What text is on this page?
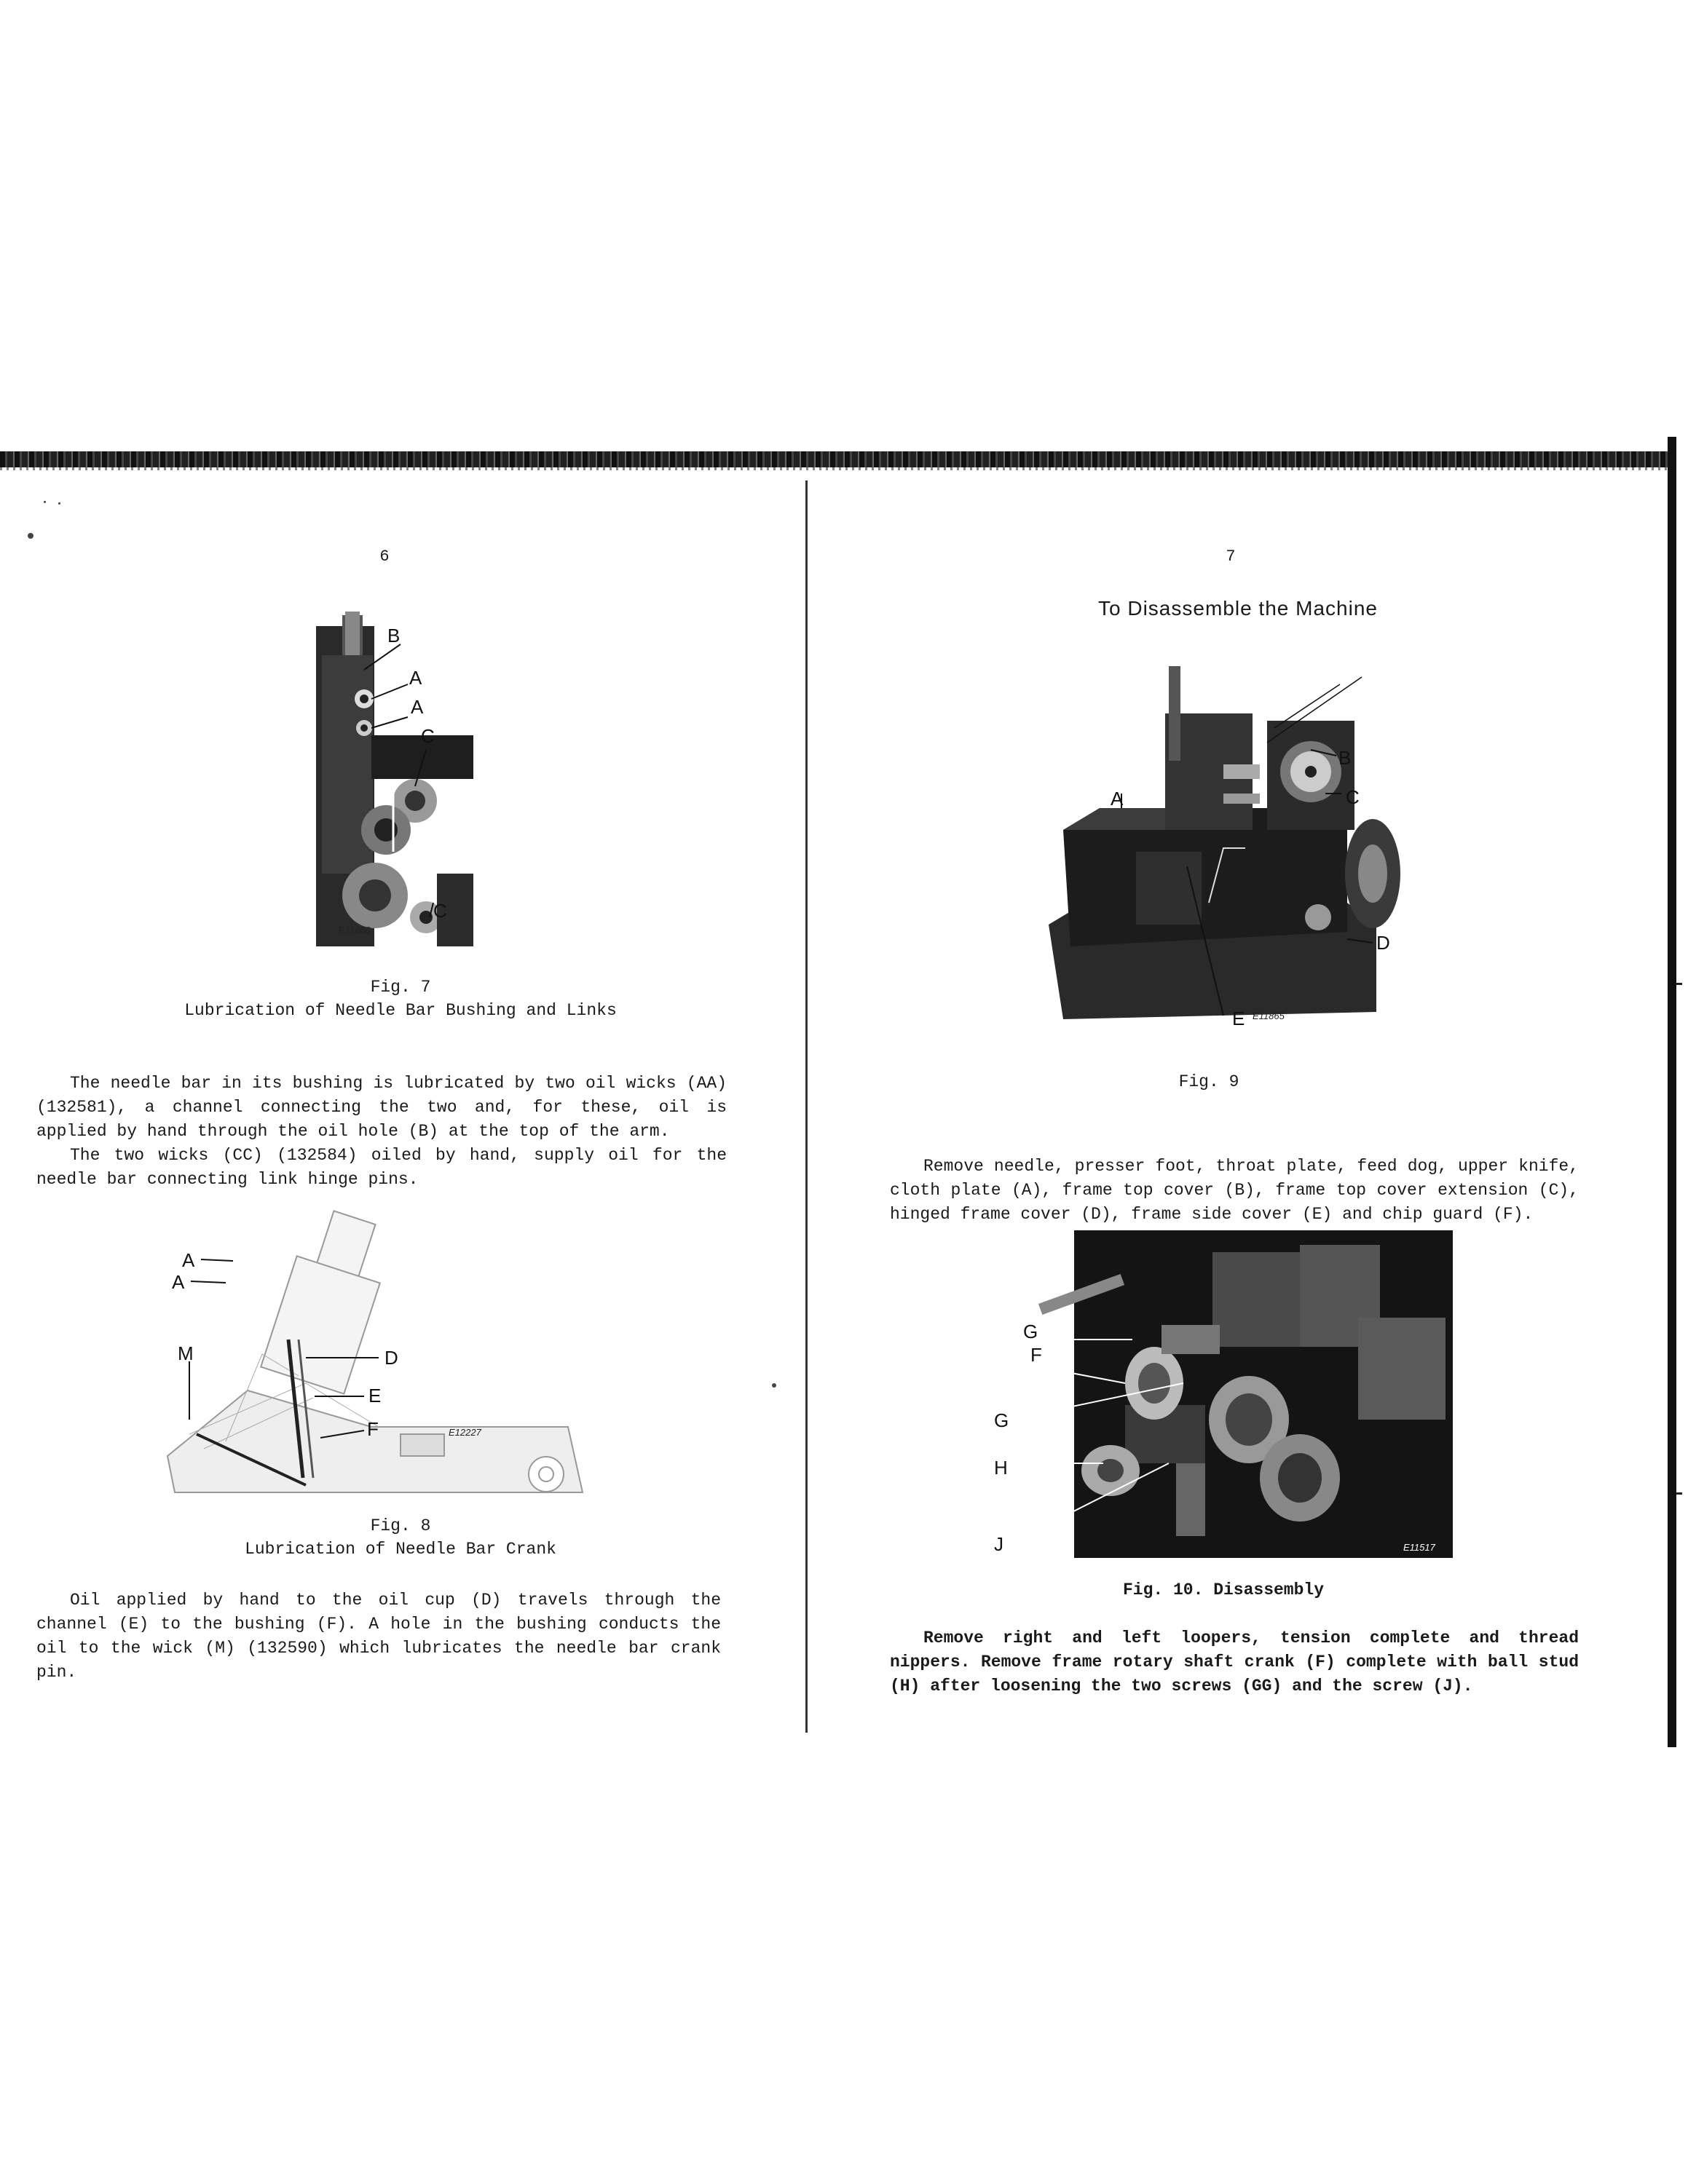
6
B
A
A
C
C
E11860
Fig. 7
Lubrication of Needle Bar Bushing and Links
The needle bar in its bushing is lubricated by two oil wicks (AA) (132581), a channel connecting the two and, for these, oil is applied by hand through the oil hole (B) at the top of the arm.
The two wicks (CC) (132584) oiled by hand, supply oil for the needle bar connecting link hinge pins.
A
A
M	D
E
F	E12227
Fig. 8
Lubrication of Needle Bar Crank
Oil applied by hand to the oil cup (D) travels through the channel (E) to the bushing (F). A hole in the bushing conducts the oil to the wick (M) (132590) which lubricates the needle bar crank pin.
7
To Disassemble the Machine
A
B
C
D
E E11865
Fig. 9
Remove needle, presser foot, throat plate, feed dog, upper knife, cloth plate (A), frame top cover (B), frame top cover extension (C), hinged frame cover (D), frame side cover (E) and chip guard (F).
G
F
G
H
J	E11517
Fig. 10. Disassembly
Remove right and left loopers, tension complete and thread nippers. Remove frame rotary shaft crank (F) complete with ball stud (H) after loosening the two screws (GG) and the screw (J).
